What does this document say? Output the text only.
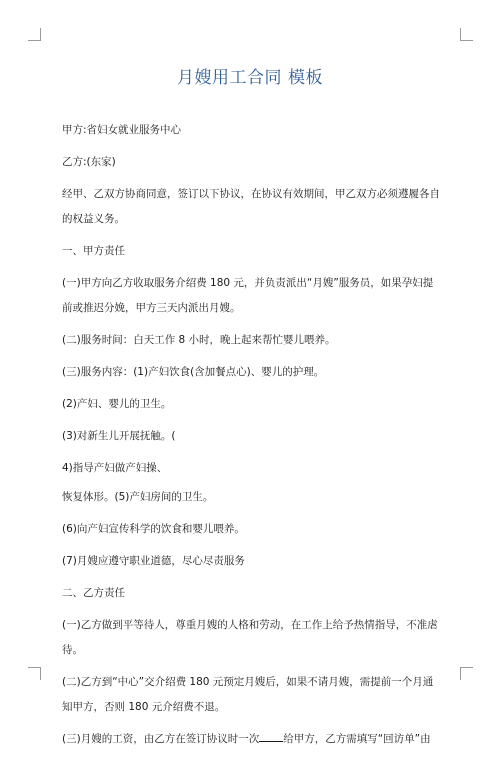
月嫂用工合同 模板

甲方:省妇女就业服务中心

乙方:(东家)

经甲、乙双方协商同意，签订以下协议，在协议有效期间，甲乙双方必须遵履各自的权益义务。

一、甲方责任

(一)甲方向乙方收取服务介绍费 180 元，并负责派出“月嫂”服务员，如果孕妇提前或推迟分娩，甲方三天内派出月嫂。

(二)服务时间：白天工作 8 小时，晚上起来帮忙婴儿喂养。

(三)服务内容：(1)产妇饮食(含加餐点心)、婴儿的护理。

(2)产妇、婴儿的卫生。

(3)对新生儿开展抚触。(

4)指导产妇做产妇操、

恢复体形。(5)产妇房间的卫生。

(6)向产妇宣传科学的饮食和婴儿喂养。

(7)月嫂应遵守职业道德，尽心尽责服务

二、乙方责任

(一)乙方做到平等待人，尊重月嫂的人格和劳动，在工作上给予热情指导，不准虐待。

(二)乙方到“中心”交介绍费 180 元预定月嫂后，如果不请月嫂，需提前一个月通知甲方，否则 180 元介绍费不退。

(三)月嫂的工资，由乙方在签订协议时一次 给甲方，乙方需填写“回访单”由
